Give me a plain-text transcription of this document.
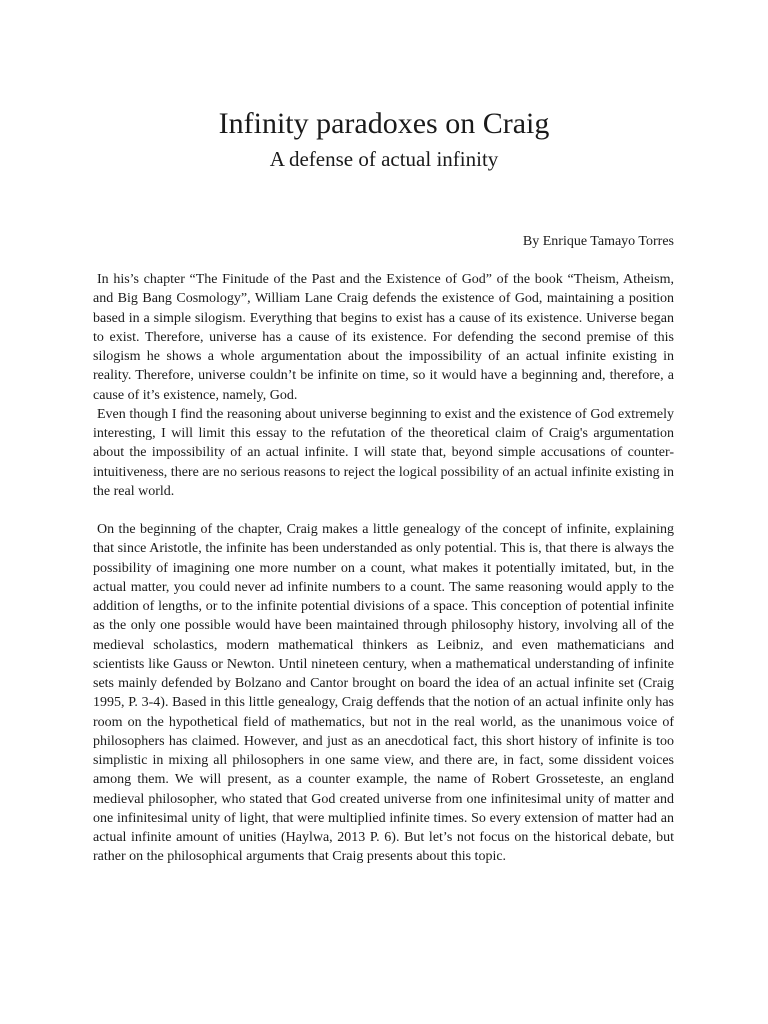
Infinity paradoxes on Craig
A defense of actual infinity

By Enrique Tamayo Torres

In his’s chapter “The Finitude of the Past and the Existence of God” of the book “Theism, Atheism, and Big Bang Cosmology”, William Lane Craig defends the existence of God, maintaining a position based in a simple silogism. Everything that begins to exist has a cause of its existence. Universe began to exist. Therefore, universe has a cause of its existence. For defending the second premise of this silogism he shows a whole argumentation about the impossibility of an actual infinite existing in reality. Therefore, universe couldn’t be infinite on time, so it would have a beginning and, therefore, a cause of it’s existence, namely, God.

Even though I find the reasoning about universe beginning to exist and the existence of God extremely interesting, I will limit this essay to the refutation of the theoretical claim of Craig's argumentation about the impossibility of an actual infinite. I will state that, beyond simple accusations of counter-intuitiveness, there are no serious reasons to reject the logical possibility of an actual infinite existing in the real world.

On the beginning of the chapter, Craig makes a little genealogy of the concept of infinite, explaining that since Aristotle, the infinite has been understanded as only potential. This is, that there is always the possibility of imagining one more number on a count, what makes it potentially imitated, but, in the actual matter, you could never ad infinite numbers to a count. The same reasoning would apply to the addition of lengths, or to the infinite potential divisions of a space. This conception of potential infinite as the only one possible would have been maintained through philosophy history, involving all of the medieval scholastics, modern mathematical thinkers as Leibniz, and even mathematicians and scientists like Gauss or Newton. Until nineteen century, when a mathematical understanding of infinite sets mainly defended by Bolzano and Cantor brought on board the idea of an actual infinite set (Craig 1995, P. 3-4). Based in this little genealogy, Craig deffends that the notion of an actual infinite only has room on the hypothetical field of mathematics, but not in the real world, as the unanimous voice of philosophers has claimed. However, and just as an anecdotical fact, this short history of infinite is too simplistic in mixing all philosophers in one same view, and there are, in fact, some dissident voices among them. We will present, as a counter example, the name of Robert Grosseteste, an england medieval philosopher, who stated that God created universe from one infinitesimal unity of matter and one infinitesimal unity of light, that were multiplied infinite times. So every extension of matter had an actual infinite amount of unities (Haylwa, 2013 P. 6). But let’s not focus on the historical debate, but rather on the philosophical arguments that Craig presents about this topic.
